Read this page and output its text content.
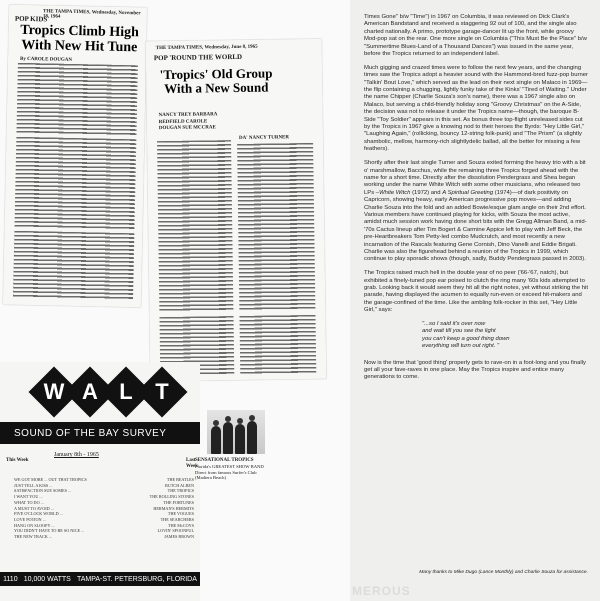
THE TAMPA TIMES, Wednesday, November 18, 1964
POP KIDS
Tropics Climb High With New Hit Tune
By CAROLE DOUGAN
THE TAMPA TIMES, Wednesday, June 8, 1965
POP 'ROUND THE WORLD
'Tropics' Old Group With a New Sound
NANCY TREY BARBARA REDFIELD CAROLE DOUGAN SUE MCCRAE
DA' NANCY TURNER
W A L	T
SOUND OF THE BAY SURVEY
January 8th - 1965
This Week	Last Week
WE GOT MORE ... OUT THAT TROPICS	THE BEATLES
JUST TELL A KISS ...	BUTCH ALBEN
SATISFACTION SUE SOMES ...	THE TROPICS
I WANT YOU ...	THE ROLLING STONES
WHAT TO DO ...	THE FORTUNES
A MUST TO AVOID ...	HERMAN'S HERMITS
FIVE O'CLOCK WORLD ...	THE VOGUES
LOVE POTION ...	THE SEARCHERS
HANG ON SLOOPY ...	THE McCOYS
YOU DIDN'T HAVE TO BE SO NICE ...	LOVIN' SPOONFUL
THE NEW TRACK ...	JAMES BROWN
1110 10,000 WATTS TAMPA-ST. PETERSBURG, FLORIDA
SENSATIONAL TROPICS
Florida's GREATEST SHOW BAND
Direct from famous Surfer's Club
(Madiera Beach)

Times Gone" b/w "Time") in 1967 on Columbia, it was reviewed on Dick Clark's American Bandstand and received a staggering 92 out of 100, and the single also charted nationally. A primo, prototype garage-dancer lit up the front, while groovy Mod-pop sat on the rear. One more single on Columbia ("This Must Be the Place" b/w "Summertime Blues-Land of a Thousand Dances") was issued in the same year, before the Tropics returned to an independent label.

Much gigging and crazed times were to follow the next few years, and the changing times saw the Tropics adopt a heavier sound with the Hammond-bred fuzz-pop burner "Talkin' Bout Love," which served as the lead on their next single on Malaco in 1969—the flip containing a chugging, lightly funky take of the Kinks' "Tired of Waiting." Under the name Chipper (Charlie Souza's son's name), there was a 1967 single also on Malaco, but serving a child-friendly holiday song "Groovy Christmas" on the A-Side, the decision was not to release it under the Tropics name—though, the baroque B-Side "Toy Soldier" appears in this set. As bonus three top-flight unreleased sides cut by the Tropics in 1967 give a knowing nod to their heroes the Byrds: "Hey Little Girl," "Laughing Again," (rollicking, bouncy 12-string folk-punk) and "The Prism" (a slightly shambolic, mellow, harmony-rich slightlydelic ballad, all the better for missing a few feathers).

Shortly after their last single Turner and Souza exited forming the heavy trio with a bit o' marshmallow, Bacchus, while the remaining three Tropics forged ahead with the name for a short time. Directly after the dissolution Pendergrass and Shea began working under the name White Witch with some other musicians, who released two LPs –White Witch (1972) and A Spiritual Greeting (1974)—of dark positivity on Capricorn, showing heavy, early American progressive pop moves—and adding Charlie Souza into the fold and an added Bowie/esque glam angle on their 2nd effort. Various members have continued playing for kicks, with Souza the most active, amidst much session work having done short bits with the Gregg Allman Band, a mid-'70s Cactus lineup after Tim Bogert & Carmine Appice left to play with Jeff Beck, the pre-Heartbreakers Tom Petty-led combo Mudcrutch, and most recently a new incarnation of the Rascals featuring Gene Cornish, Dino Vanelli and Eddie Brigati. Charlie was also the figurehead behind a reunion of the Tropics in 1999, which continue to play sporadic shows (though, sadly, Buddy Pendergrass passed in 2003).

The Tropics raised much hell in the double year of no peer ('66-'67, natch), but exhibited a finely-tuned pop ear poised to clutch the ring many '60s kids attempted to grab. Looking back it would seem they hit all the right notes, yet without striking the hit parade, having displayed the acumen to equally run-even or exceed hit-makers and the garage-confined of the time. Like the ambling folk-rocker in this set, "Hey Little Girl," says:

"...so I said it's over now
and wait till you see the light
you can't keep a good thing down
everything will turn out right. "

Now is the time that 'good thing' properly gets to rave-on in a foot-long and you finally get all your fave-raves in one place. May the Tropics inspire and entice many generations to come.

Many thanks to Mike Dugo (Lance Monthly) and Charlie Souza for assistance.
MEROUS
